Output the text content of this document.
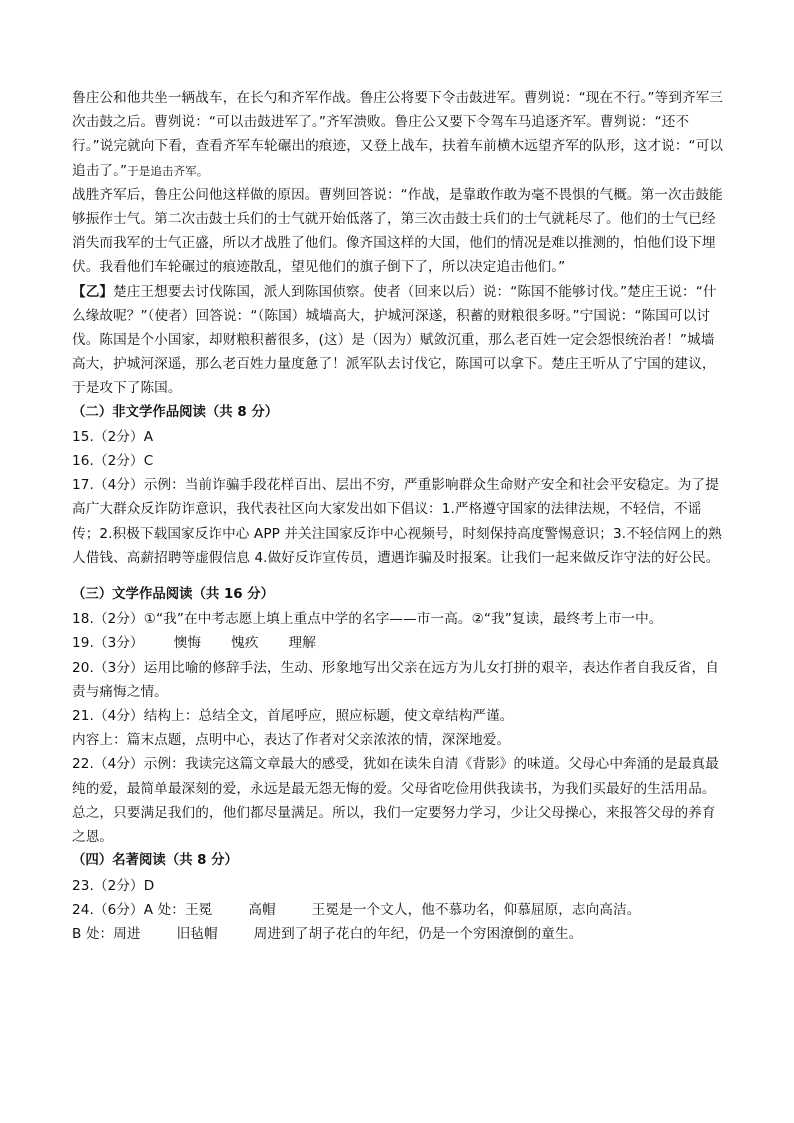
鲁庄公和他共坐一辆战车，在长勺和齐军作战。鲁庄公将要下令击鼓进军。曹刿说：“现在不行。”等到齐军三次击鼓之后。曹刿说：“可以击鼓进军了。”齐军溃败。鲁庄公又要下令驾车马追逐齐军。曹刿说：“还不行。”说完就向下看，查看齐军车轮碾出的痕迹，又登上战车，扶着车前横木远望齐军的队形，这才说：“可以追击了。”于是追击齐军。

战胜齐军后，鲁庄公问他这样做的原因。曹刿回答说：“作战，是靠敢作敢为毫不畏惧的气概。第一次击鼓能够振作士气。第二次击鼓士兵们的士气就开始低落了，第三次击鼓士兵们的士气就耗尽了。他们的士气已经消失而我军的士气正盛，所以才战胜了他们。像齐国这样的大国，他们的情况是难以推测的，怕他们设下埋伏。我看他们车轮碾过的痕迹散乱，望见他们的旗子倒下了，所以决定追击他们。”

【乙】楚庄王想要去讨伐陈国，派人到陈国侦察。使者（回来以后）说：“陈国不能够讨伐。”楚庄王说：“什么缘故呢？”（使者）回答说：“（陈国）城墙高大，护城河深遂，积蓄的财粮很多呀。”宁国说：“陈国可以讨伐。陈国是个小国家，却财粮积蓄很多，(这）是（因为）赋敛沉重，那么老百姓一定会怨恨统治者！”城墙高大，护城河深遥，那么老百姓力量度惫了！派军队去讨伐它，陈国可以拿下。楚庄王听从了宁国的建议，于是攻下了陈国。

（二）非文学作品阅读（共 8 分）

15.（2分）A

16.（2分）C

17.（4分）示例：当前诈骗手段花样百出、层出不穷，严重影响群众生命财产安全和社会平安稳定。为了提高广大群众反诈防诈意识，我代表社区向大家发出如下倡议：1.严格遵守国家的法律法规，不轻信，不谣传；2.积极下载国家反诈中心 APP 并关注国家反诈中心视频号，时刻保持高度警惕意识；3.不轻信网上的熟人借钱、高薪招聘等虚假信息 4.做好反诈宣传员，遭遇诈骗及时报案。让我们一起来做反诈守法的好公民。

（三）文学作品阅读（共 16 分）

18.（2分）①“我”在中考志愿上填上重点中学的名字——市一高。②“我”复读，最终考上市一中。

19.（3分） 懊悔 愧疚 理解

20.（3分）运用比喻的修辞手法，生动、形象地写出父亲在远方为儿女打拼的艰辛，表达作者自我反省，自责与痛悔之情。

21.（4分）结构上：总结全文，首尾呼应，照应标题，使文章结构严谨。

内容上：篇末点题，点明中心，表达了作者对父亲浓浓的情，深深地爱。

22.（4分）示例：我读完这篇文章最大的感受，犹如在读朱自清《背影》的味道。父母心中奔涌的是最真最纯的爱，最简单最深刻的爱，永远是最无怨无悔的爱。父母省吃俭用供我读书，为我们买最好的生活用品。总之，只要满足我们的，他们都尽量满足。所以，我们一定要努力学习，少让父母操心，来报答父母的养育之恩。

（四）名著阅读（共 8 分）

23.（2分）D

24.（6分）A 处：王冕	高帽	王冕是一个文人，他不慕功名，仰慕屈原，志向高洁。

B 处：周进	旧毡帽	周进到了胡子花白的年纪，仍是一个穷困潦倒的童生。
